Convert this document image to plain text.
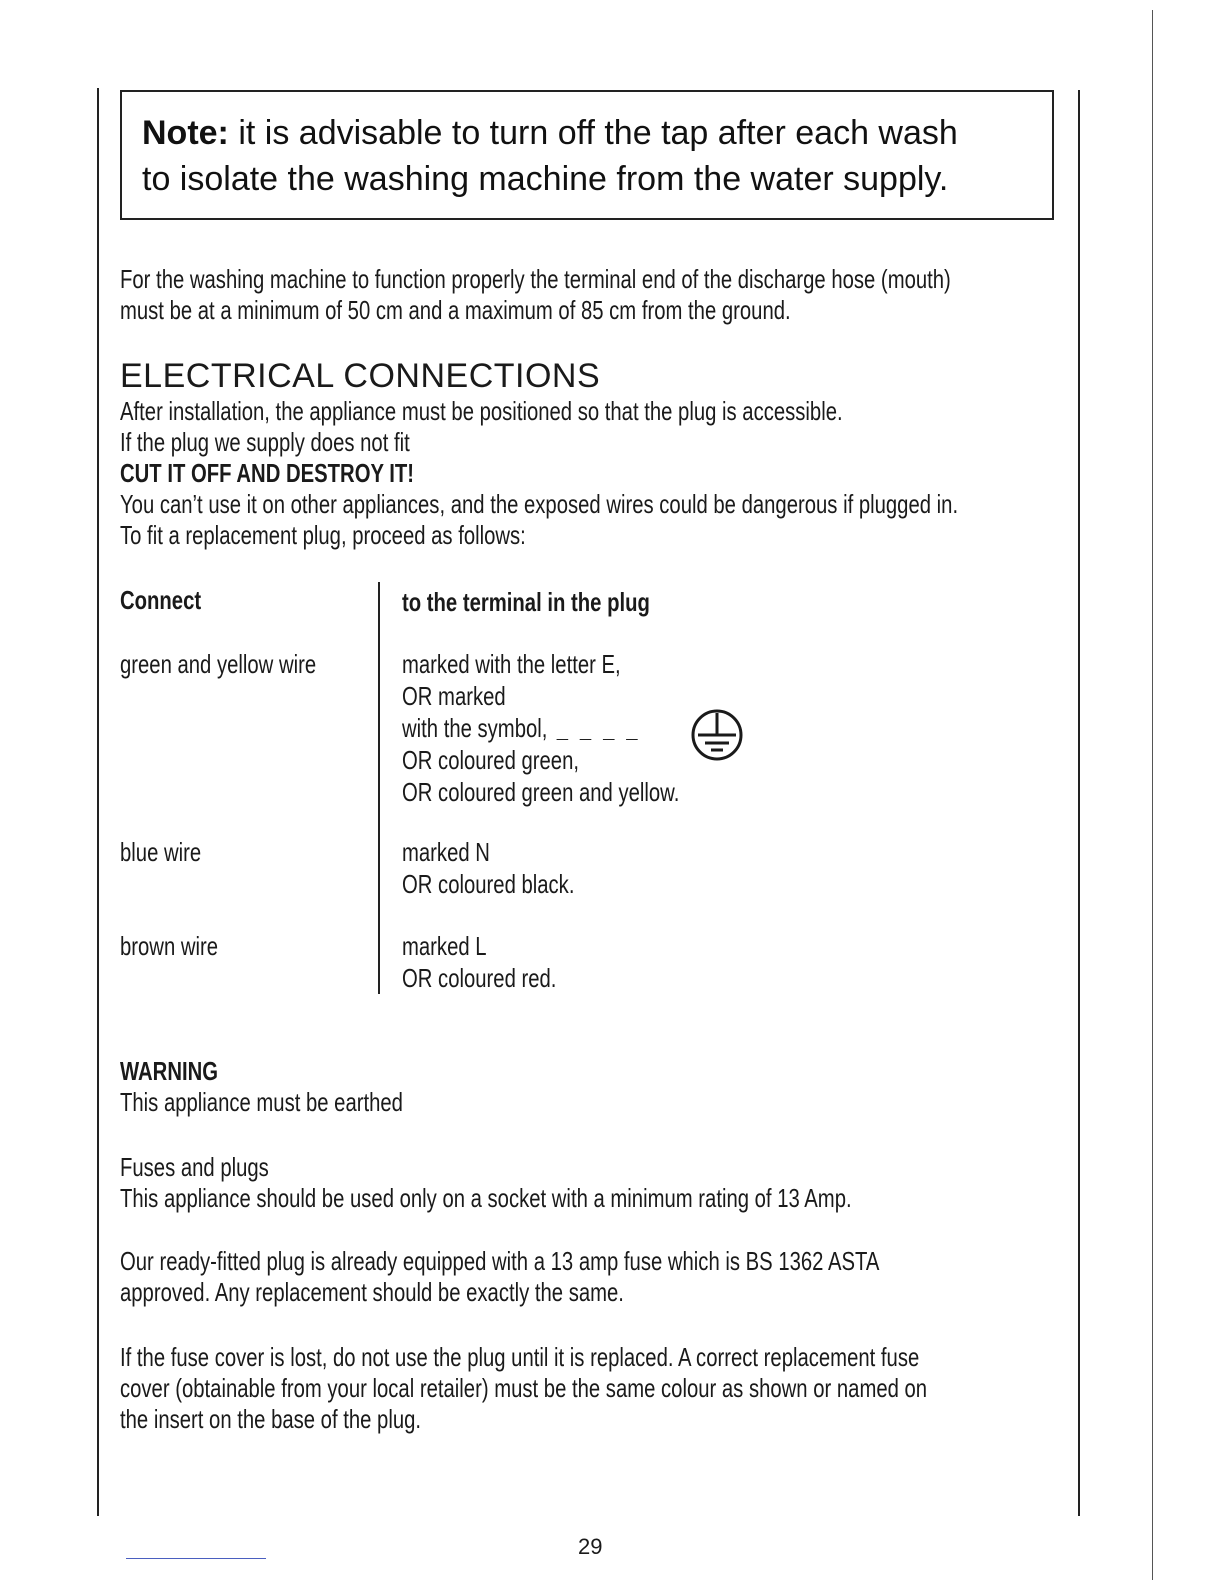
Note: it is advisable to turn off the tap after each wash
to isolate the washing machine from the water supply.
For the washing machine to function properly the terminal end of the discharge hose (mouth)
must be at a minimum of 50 cm and a maximum of 85 cm from the ground.
ELECTRICAL CONNECTIONS
After installation, the appliance must be positioned so that the plug is accessible.
If the plug we supply does not fit
CUT IT OFF AND DESTROY IT!
You can’t use it on other appliances, and the exposed wires could be dangerous if plugged in.
To fit a replacement plug, proceed as follows:
Connect	to the terminal in the plug
green and yellow wire	marked with the letter E,
OR marked
with the symbol, _ _ _ _
OR coloured green,
OR coloured green and yellow.
blue wire	marked N
OR coloured black.
brown wire	marked L
OR coloured red.
WARNING
This appliance must be earthed
Fuses and plugs
This appliance should be used only on a socket with a minimum rating of 13 Amp.
Our ready-fitted plug is already equipped with a 13 amp fuse which is BS 1362 ASTA
approved. Any replacement should be exactly the same.
If the fuse cover is lost, do not use the plug until it is replaced. A correct replacement fuse
cover (obtainable from your local retailer) must be the same colour as shown or named on
the insert on the base of the plug.
29
